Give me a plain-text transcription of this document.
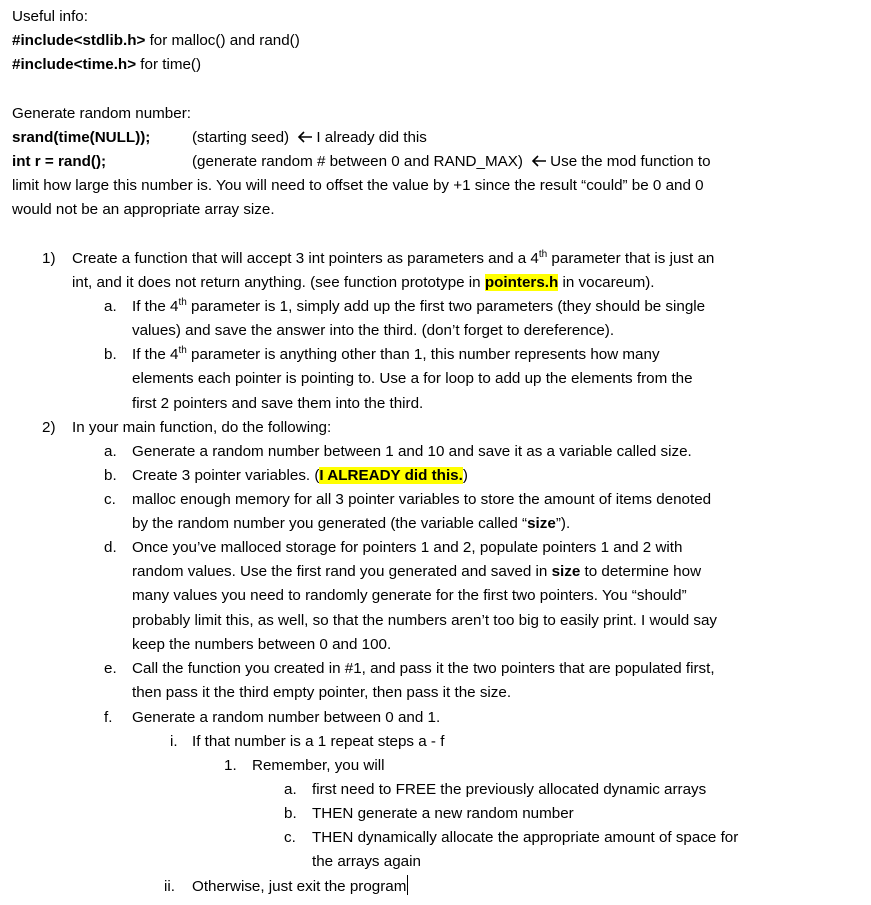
Useful info:
#include<stdlib.h> for malloc() and rand()
#include<time.h> for time()
Generate random number:
srand(time(NULL));	(starting seed) I already did this
int r = rand();	(generate random # between 0 and RAND_MAX) Use the mod function to
limit how large this number is. You will need to offset the value by +1 since the result “could” be 0 and 0
would not be an appropriate array size.
1) Create a function that will accept 3 int pointers as parameters and a 4th parameter that is just an
int, and it does not return anything. (see function prototype in pointers.h in vocareum).
a. If the 4th parameter is 1, simply add up the first two parameters (they should be single
values) and save the answer into the third. (don’t forget to dereference).
b. If the 4th parameter is anything other than 1, this number represents how many
elements each pointer is pointing to. Use a for loop to add up the elements from the
first 2 pointers and save them into the third.
2) In your main function, do the following:
a. Generate a random number between 1 and 10 and save it as a variable called size.
b. Create 3 pointer variables. (I ALREADY did this.)
c. malloc enough memory for all 3 pointer variables to store the amount of items denoted
by the random number you generated (the variable called “size”).
d. Once you’ve malloced storage for pointers 1 and 2, populate pointers 1 and 2 with
random values. Use the first rand you generated and saved in size to determine how
many values you need to randomly generate for the first two pointers. You “should”
probably limit this, as well, so that the numbers aren’t too big to easily print. I would say
keep the numbers between 0 and 100.
e. Call the function you created in #1, and pass it the two pointers that are populated first,
then pass it the third empty pointer, then pass it the size.
f. Generate a random number between 0 and 1.
i. If that number is a 1 repeat steps a - f
1. Remember, you will
a. first need to FREE the previously allocated dynamic arrays
b. THEN generate a new random number
c. THEN dynamically allocate the appropriate amount of space for
the arrays again
ii. Otherwise, just exit the program
